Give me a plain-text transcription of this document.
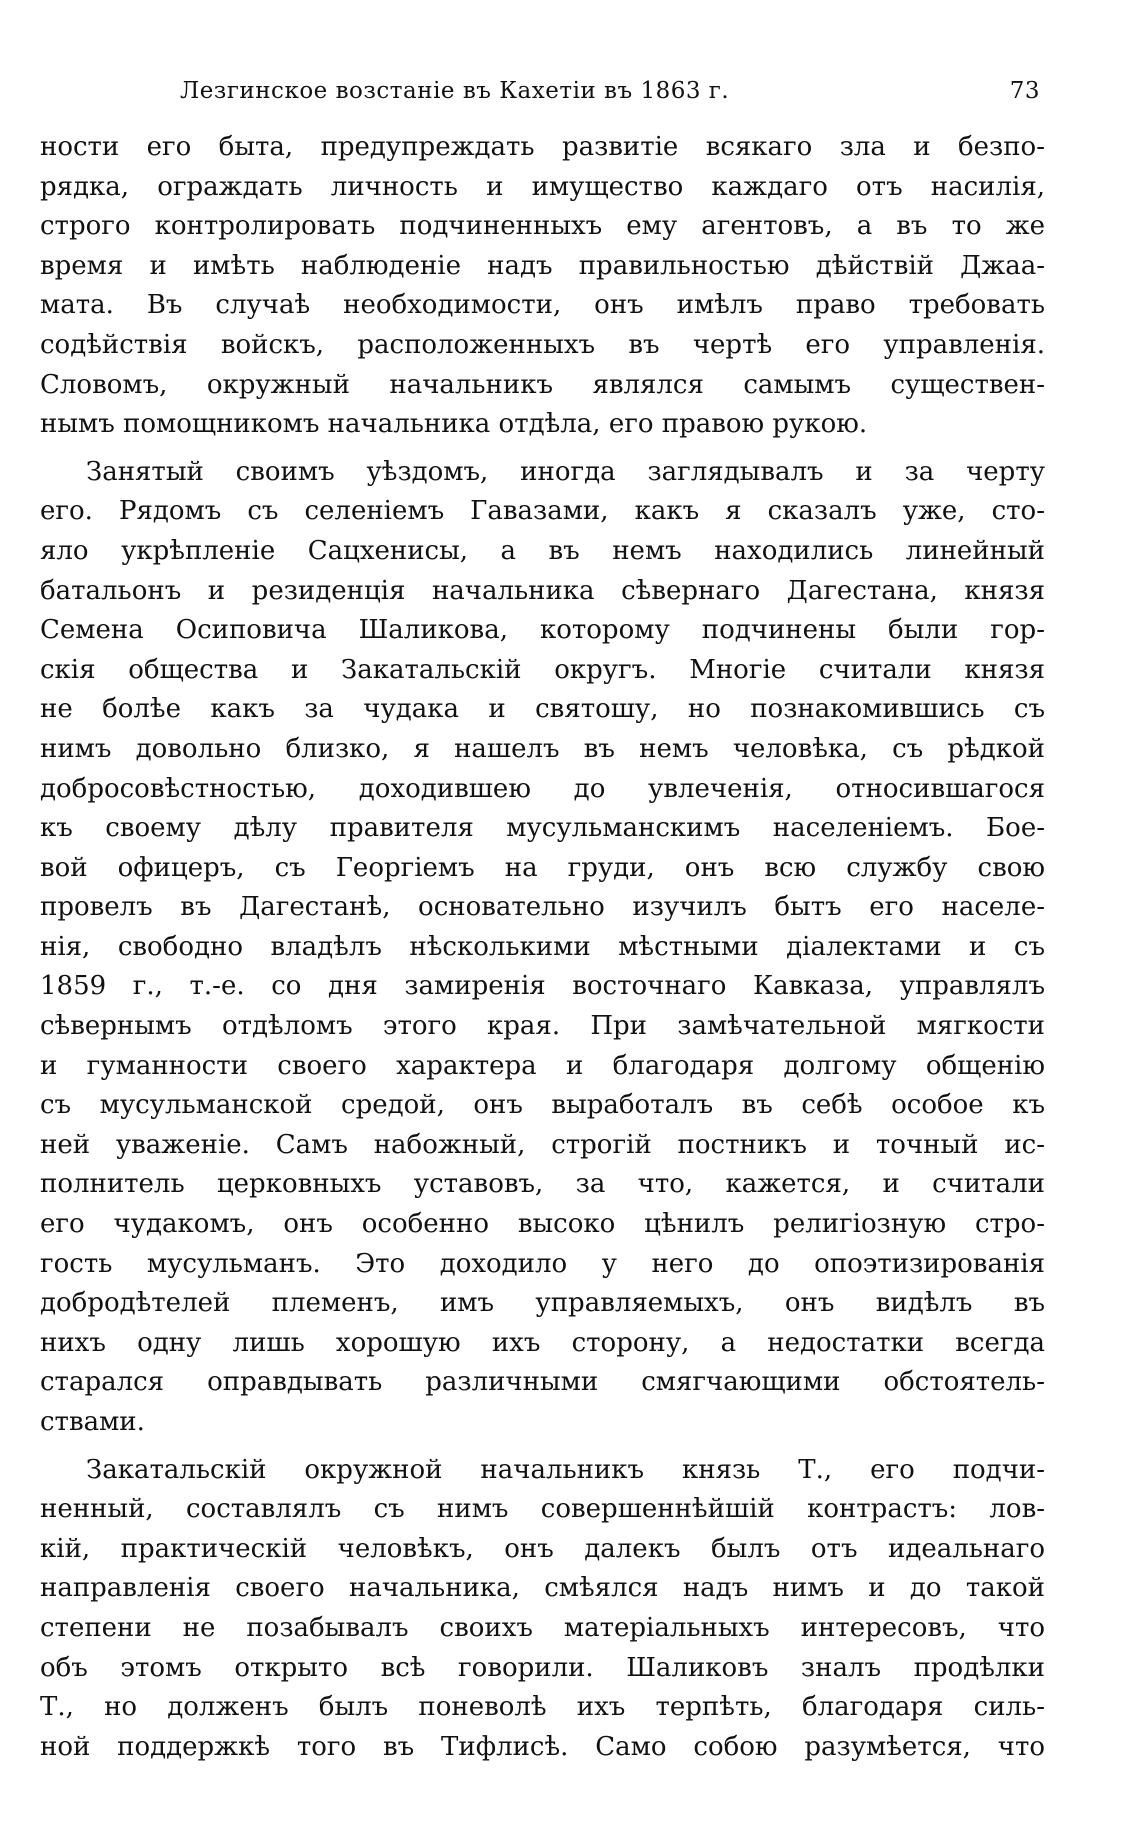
Лезгинское возстаніе въ Кахетіи въ 1863 г.	73
ности его быта, предупреждать развитіе всякаго зла и безпо-
рядка, ограждать личность и имущество каждаго отъ насилія,
строго контролировать подчиненныхъ ему агентовъ, а въ то же
время и имѣть наблюденіе надъ правильностью дѣйствій Джаа-
мата. Въ случаѣ необходимости, онъ имѣлъ право требовать
содѣйствія войскъ, расположенныхъ въ чертѣ его управленія.
Словомъ, окружный начальникъ являлся самымъ существен-
нымъ помощникомъ начальника отдѣла, его правою рукою.
Занятый своимъ уѣздомъ, иногда заглядывалъ и за черту
его. Рядомъ съ селеніемъ Гавазами, какъ я сказалъ уже, сто-
яло укрѣпленіе Сацхенисы, а въ немъ находились линейный
батальонъ и резиденція начальника сѣвернаго Дагестана, князя
Семена Осиповича Шаликова, которому подчинены были гор-
скія общества и Закатальскій округъ. Многіе считали князя
не болѣе какъ за чудака и святошу, но познакомившись съ
нимъ довольно близко, я нашелъ въ немъ человѣка, съ рѣдкой
добросовѣстностью, доходившею до увлеченія, относившагося
къ своему дѣлу правителя мусульманскимъ населеніемъ. Бое-
вой офицеръ, съ Георгіемъ на груди, онъ всю службу свою
провелъ въ Дагестанѣ, основательно изучилъ бытъ его населе-
нія, свободно владѣлъ нѣсколькими мѣстными діалектами и съ
1859 г., т.-е. со дня замиренія восточнаго Кавказа, управлялъ
сѣвернымъ отдѣломъ этого края. При замѣчательной мягкости
и гуманности своего характера и благодаря долгому общенію
съ мусульманской средой, онъ выработалъ въ себѣ особое къ
ней уваженіе. Самъ набожный, строгій постникъ и точный ис-
полнитель церковныхъ уставовъ, за что, кажется, и считали
его чудакомъ, онъ особенно высоко цѣнилъ религіозную стро-
гость мусульманъ. Это доходило у него до опоэтизированія
добродѣтелей племенъ, имъ управляемыхъ, онъ видѣлъ въ
нихъ одну лишь хорошую ихъ сторону, а недостатки всегда
старался оправдывать различными смягчающими обстоятель-
ствами.
Закатальскій окружной начальникъ князь Т., его подчи-
ненный, составлялъ съ нимъ совершеннѣйшій контрастъ: лов-
кій, практическій человѣкъ, онъ далекъ былъ отъ идеальнаго
направленія своего начальника, смѣялся надъ нимъ и до такой
степени не позабывалъ своихъ матеріальныхъ интересовъ, что
объ этомъ открыто всѣ говорили. Шаликовъ зналъ продѣлки
Т., но долженъ былъ поневолѣ ихъ терпѣть, благодаря силь-
ной поддержкѣ того въ Тифлисѣ. Само собою разумѣется, что
